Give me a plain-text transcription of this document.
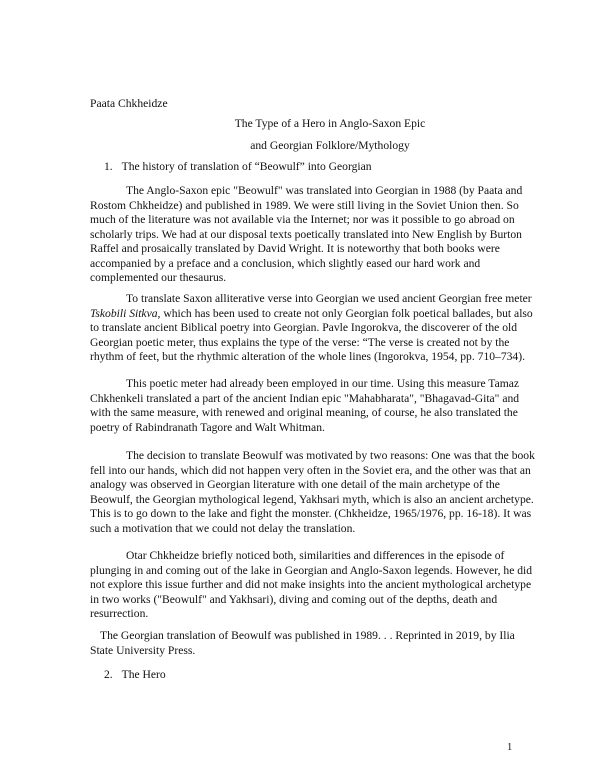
Paata Chkheidze
The Type of a Hero in Anglo-Saxon Epic
and Georgian Folklore/Mythology
1. The history of translation of “Beowulf” into Georgian
The Anglo-Saxon epic "Beowulf" was translated into Georgian in 1988 (by Paata and
Rostom Chkheidze) and published in 1989. We were still living in the Soviet Union then. So
much of the literature was not available via the Internet; nor was it possible to go abroad on
scholarly trips. We had at our disposal texts poetically translated into New English by Burton
Raffel and prosaically translated by David Wright. It is noteworthy that both books were
accompanied by a preface and a conclusion, which slightly eased our hard work and
complemented our thesaurus.
To translate Saxon alliterative verse into Georgian we used ancient Georgian free meter
Tskobili Sitkva, which has been used to create not only Georgian folk poetical ballades, but also
to translate ancient Biblical poetry into Georgian. Pavle Ingorokva, the discoverer of the old
Georgian poetic meter, thus explains the type of the verse: “The verse is created not by the
rhythm of feet, but the rhythmic alteration of the whole lines (Ingorokva, 1954, pp. 710–734).
This poetic meter had already been employed in our time. Using this measure Tamaz
Chkhenkeli translated a part of the ancient Indian epic "Mahabharata", "Bhagavad-Gita" and
with the same measure, with renewed and original meaning, of course, he also translated the
poetry of Rabindranath Tagore and Walt Whitman.
The decision to translate Beowulf was motivated by two reasons: One was that the book
fell into our hands, which did not happen very often in the Soviet era, and the other was that an
analogy was observed in Georgian literature with one detail of the main archetype of the
Beowulf, the Georgian mythological legend, Yakhsari myth, which is also an ancient archetype.
This is to go down to the lake and fight the monster. (Chkheidze, 1965/1976, pp. 16-18). It was
such a motivation that we could not delay the translation.
Otar Chkheidze briefly noticed both, similarities and differences in the episode of
plunging in and coming out of the lake in Georgian and Anglo-Saxon legends. However, he did
not explore this issue further and did not make insights into the ancient mythological archetype
in two works ("Beowulf" and Yakhsari), diving and coming out of the depths, death and
resurrection.
The Georgian translation of Beowulf was published in 1989. . . Reprinted in 2019, by Ilia
State University Press.
2. The Hero
1
